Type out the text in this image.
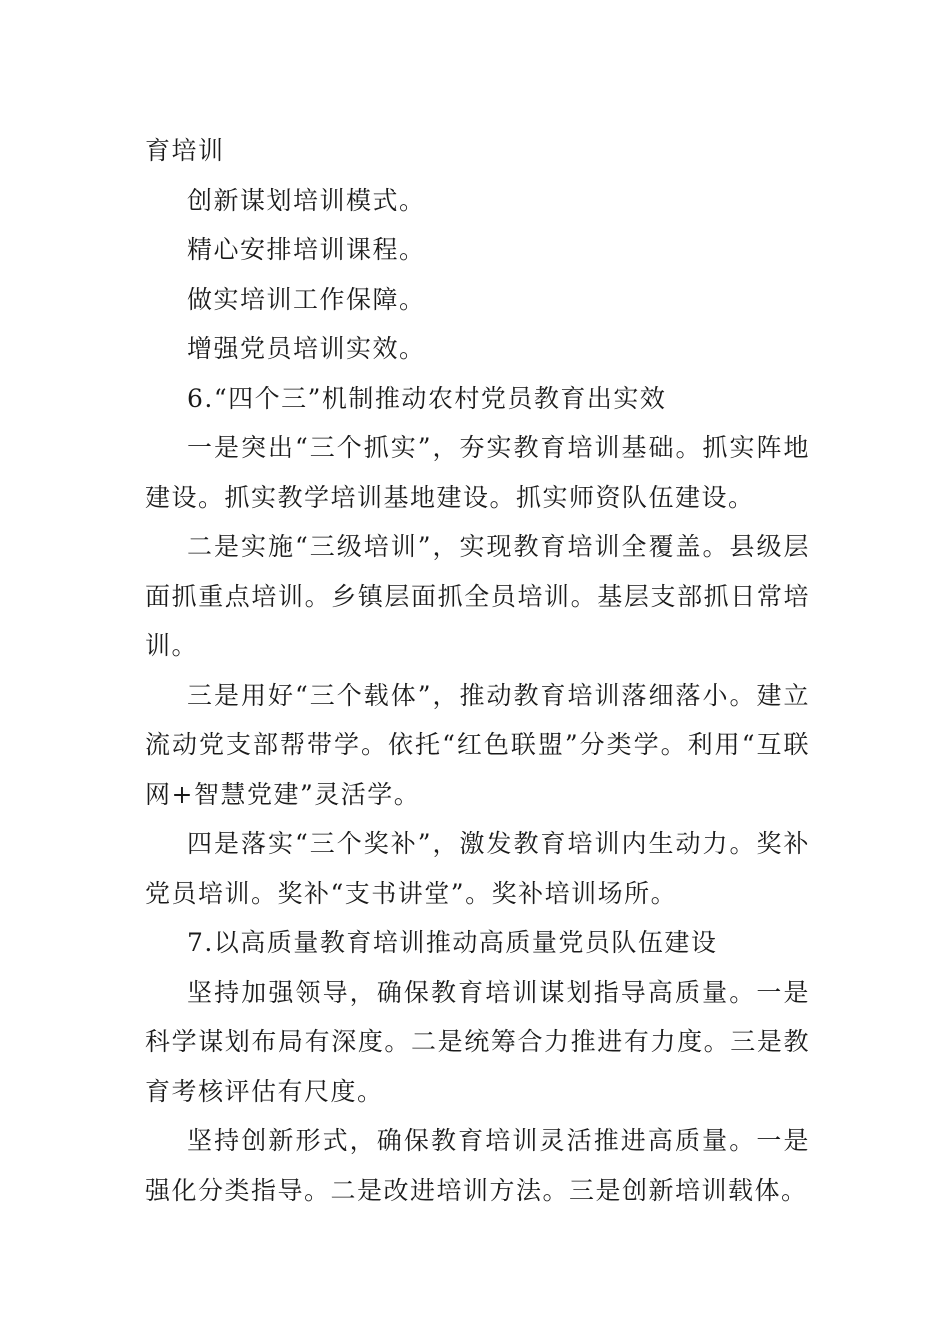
育培训

创新谋划培训模式。

精心安排培训课程。

做实培训工作保障。

增强党员培训实效。

6.“四个三”机制推动农村党员教育出实效

一是突出“三个抓实”，夯实教育培训基础。抓实阵地建设。抓实教学培训基地建设。抓实师资队伍建设。

二是实施“三级培训”，实现教育培训全覆盖。县级层面抓重点培训。乡镇层面抓全员培训。基层支部抓日常培训。

三是用好“三个载体”，推动教育培训落细落小。建立流动党支部帮带学。依托“红色联盟”分类学。利用“互联网+智慧党建”灵活学。

四是落实“三个奖补”，激发教育培训内生动力。奖补党员培训。奖补“支书讲堂”。奖补培训场所。

7.以高质量教育培训推动高质量党员队伍建设

坚持加强领导，确保教育培训谋划指导高质量。一是科学谋划布局有深度。二是统筹合力推进有力度。三是教育考核评估有尺度。

坚持创新形式，确保教育培训灵活推进高质量。一是强化分类指导。二是改进培训方法。三是创新培训载体。
